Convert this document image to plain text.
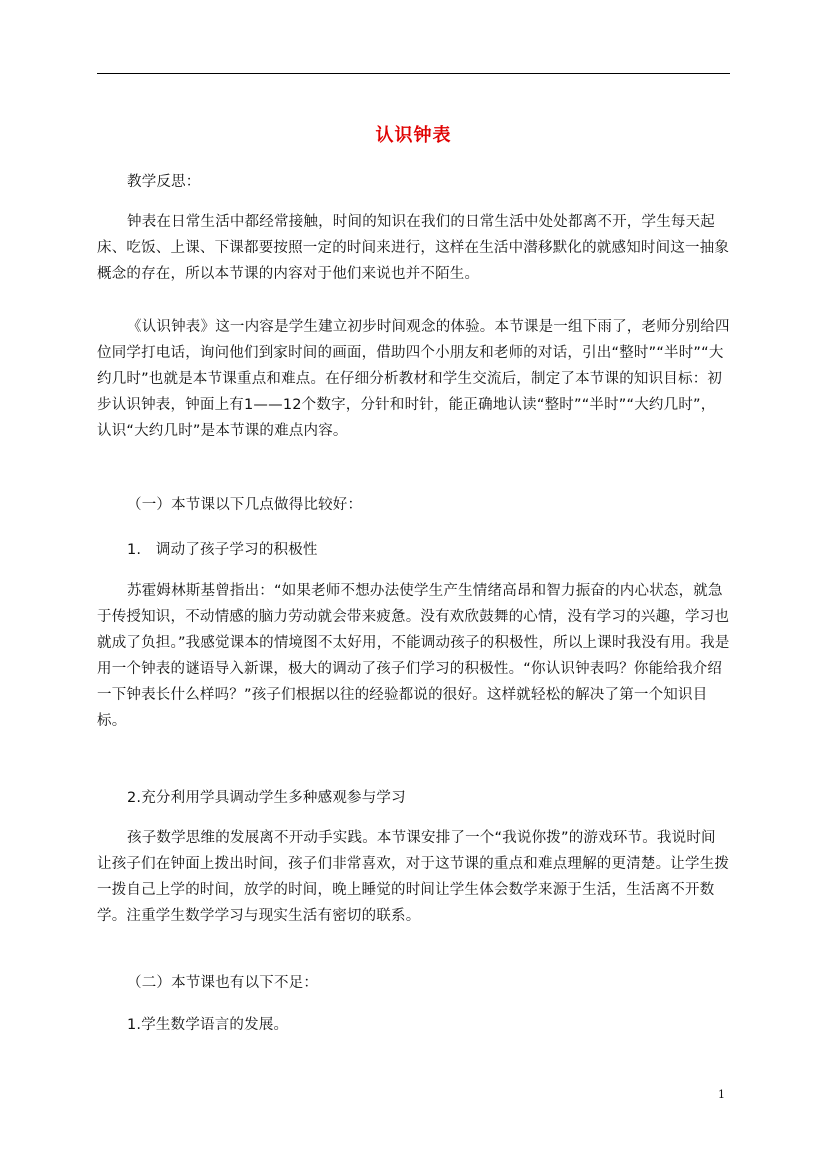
认识钟表
教学反思：
钟表在日常生活中都经常接触，时间的知识在我们的日常生活中处处都离不开，学生每天起床、吃饭、上课、下课都要按照一定的时间来进行，这样在生活中潜移默化的就感知时间这一抽象概念的存在，所以本节课的内容对于他们来说也并不陌生。
《认识钟表》这一内容是学生建立初步时间观念的体验。本节课是一组下雨了，老师分别给四位同学打电话，询问他们到家时间的画面，借助四个小朋友和老师的对话，引出“整时”“半时”“大约几时”也就是本节课重点和难点。在仔细分析教材和学生交流后，制定了本节课的知识目标：初步认识钟表，钟面上有1——12个数字，分针和时针，能正确地认读“整时”“半时”“大约几时”，认识“大约几时”是本节课的难点内容。
（一）本节课以下几点做得比较好：
1.　调动了孩子学习的积极性
苏霍姆林斯基曾指出：“如果老师不想办法使学生产生情绪高昂和智力振奋的内心状态，就急于传授知识，不动情感的脑力劳动就会带来疲惫。没有欢欣鼓舞的心情，没有学习的兴趣，学习也就成了负担。”我感觉课本的情境图不太好用，不能调动孩子的积极性，所以上课时我没有用。我是用一个钟表的谜语导入新课，极大的调动了孩子们学习的积极性。“你认识钟表吗？你能给我介绍一下钟表长什么样吗？”孩子们根据以往的经验都说的很好。这样就轻松的解决了第一个知识目标。
2.充分利用学具调动学生多种感观参与学习
孩子数学思维的发展离不开动手实践。本节课安排了一个“我说你拨”的游戏环节。我说时间让孩子们在钟面上拨出时间，孩子们非常喜欢，对于这节课的重点和难点理解的更清楚。让学生拨一拨自己上学的时间，放学的时间，晚上睡觉的时间让学生体会数学来源于生活，生活离不开数学。注重学生数学学习与现实生活有密切的联系。
（二）本节课也有以下不足：
1.学生数学语言的发展。
1
